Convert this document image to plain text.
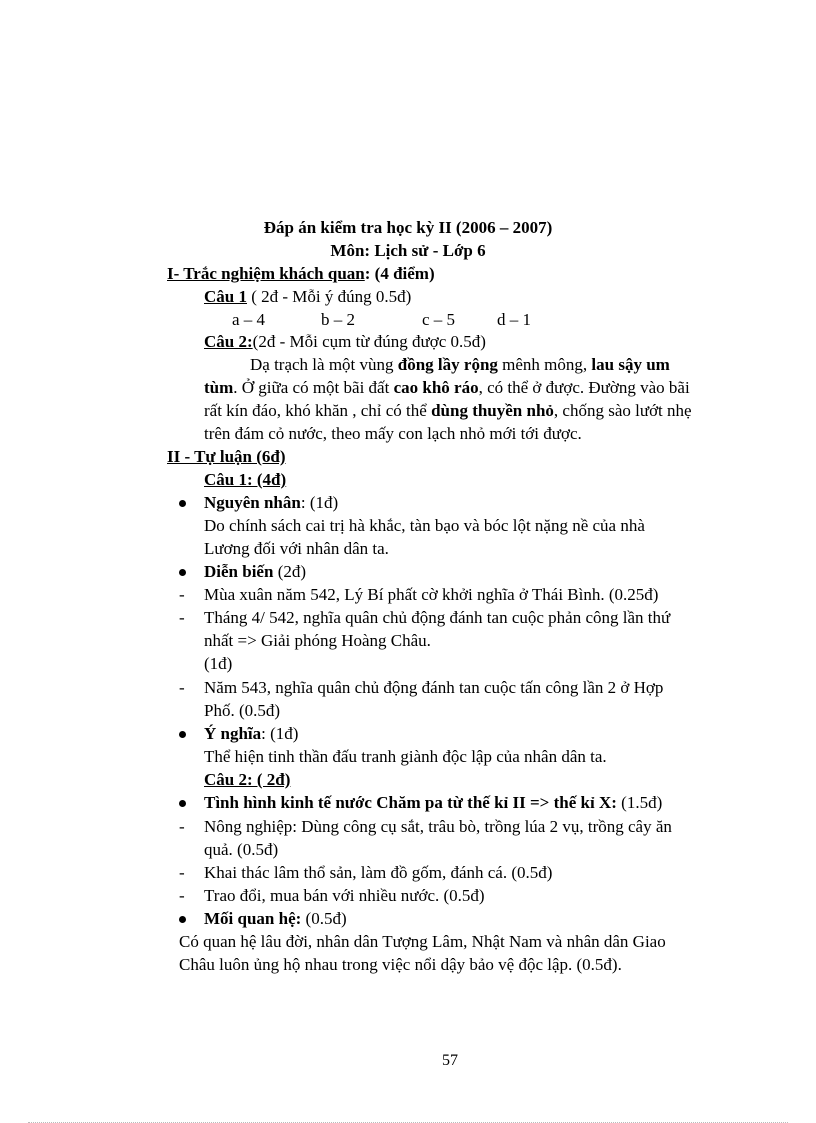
Đáp án kiểm tra học kỳ II (2006 – 2007)
Môn: Lịch sử - Lớp 6
I- Trắc nghiệm khách quan: (4 điểm)
Câu 1 ( 2đ - Mỗi ý đúng 0.5đ)
a – 4	b – 2	c – 5 d – 1
Câu 2:(2đ - Mỗi cụm từ đúng được 0.5đ)
Dạ trạch là một vùng đồng lầy rộng mênh mông, lau sậy um
tùm. Ở giữa có một bãi đất cao khô ráo, có thể ở được. Đường vào bãi
rất kín đáo, khó khăn , chỉ có thể dùng thuyền nhỏ, chống sào lướt nhẹ
trên đám cỏ nước, theo mấy con lạch nhỏ mới tới được.
II - Tự luận (6đ)
Câu 1: (4đ)
Nguyên nhân: (1đ)
Do chính sách cai trị hà khắc, tàn bạo và bóc lột nặng nề của nhà
Lương đối với nhân dân ta.
Diễn biến (2đ)
- Mùa xuân năm 542, Lý Bí phất cờ khởi nghĩa ở Thái Bình. (0.25đ)
- Tháng 4/ 542, nghĩa quân chủ động đánh tan cuộc phản công lần thứ
nhất => Giải phóng Hoàng Châu.
(1đ)
- Năm 543, nghĩa quân chủ động đánh tan cuộc tấn công lần 2 ở Hợp
Phố. (0.5đ)
Ý nghĩa: (1đ)
Thể hiện tinh thần đấu tranh giành độc lập của nhân dân ta.
Câu 2: ( 2đ)
Tình hình kinh tế nước Chăm pa từ thế kỉ II => thế kỉ X: (1.5đ)
- Nông nghiệp: Dùng công cụ sắt, trâu bò, trồng lúa 2 vụ, trồng cây ăn
quả. (0.5đ)
- Khai thác lâm thổ sản, làm đồ gốm, đánh cá. (0.5đ)
- Trao đổi, mua bán với nhiều nước. (0.5đ)
Mối quan hệ: (0.5đ)
Có quan hệ lâu đời, nhân dân Tượng Lâm, Nhật Nam và nhân dân Giao
Châu luôn ủng hộ nhau trong việc nổi dậy bảo vệ độc lập. (0.5đ).
57
